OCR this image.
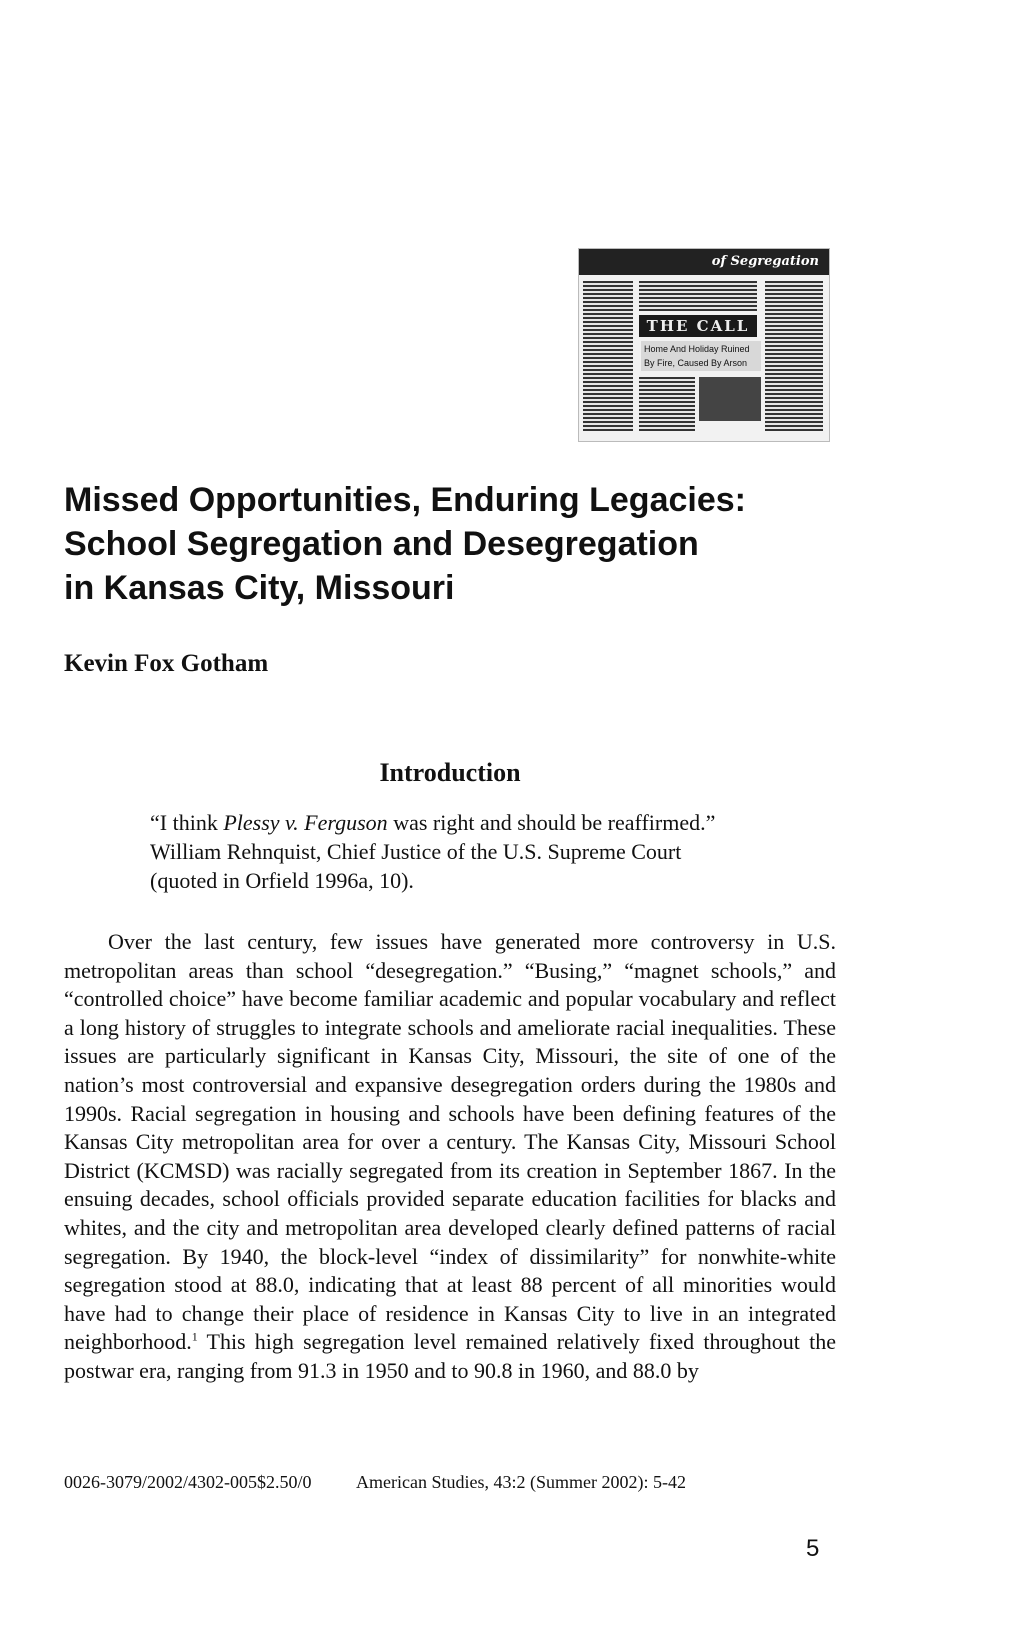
of Segregation
THE CALL
Home And Holiday Ruined By Fire, Caused By Arson
Missed Opportunities, Enduring Legacies:
School Segregation and Desegregation
in Kansas City, Missouri

Kevin Fox Gotham

Introduction
“I think Plessy v. Ferguson was right and should be reaffirmed.”
William Rehnquist, Chief Justice of the U.S. Supreme Court
(quoted in Orfield 1996a, 10).

Over the last century, few issues have generated more controversy in U.S. metropolitan areas than school “desegregation.” “Busing,” “magnet schools,” and “controlled choice” have become familiar academic and popular vocabulary and reflect a long history of struggles to integrate schools and ameliorate racial inequalities. These issues are particularly significant in Kansas City, Missouri, the site of one of the nation’s most controversial and expansive desegregation orders during the 1980s and 1990s. Racial segregation in housing and schools have been defining features of the Kansas City metropolitan area for over a century. The Kansas City, Missouri School District (KCMSD) was racially segregated from its creation in September 1867. In the ensuing decades, school officials provided separate education facilities for blacks and whites, and the city and metropolitan area developed clearly defined patterns of racial segregation. By 1940, the block-level “index of dissimilarity” for nonwhite-white segregation stood at 88.0, indicating that at least 88 percent of all minorities would have had to change their place of residence in Kansas City to live in an integrated neighborhood.$^1$ This high segregation level remained relatively fixed throughout the postwar era, ranging from 91.3 in 1950 and to 90.8 in 1960, and 88.0 by

0026-3079/2002/4302-005$2.50/0 American Studies, 43:2 (Summer 2002): 5-42
5
